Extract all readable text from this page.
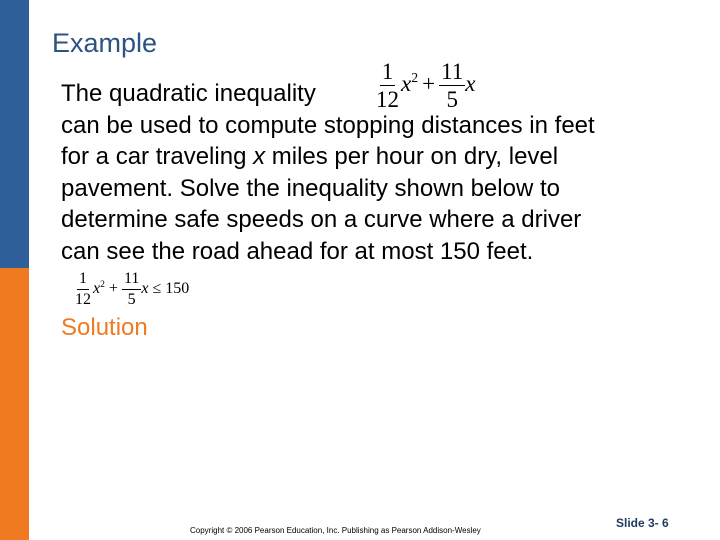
Example
The quadratic inequality
can be used to compute stopping distances in feet
for a car traveling x miles per hour on dry, level
pavement. Solve the inequality shown below to
determine safe speeds on a curve where a driver
can see the road ahead for at most 150 feet.
$\frac{1}{12} x^2 + \frac{11}{5}$ x
$\frac{1}{12} x^2 + \frac{11}{5}$ x ≤ 150
Solution
Copyright © 2006 Pearson Education, Inc. Publishing as Pearson Addison-Wesley
Slide 3- 6
